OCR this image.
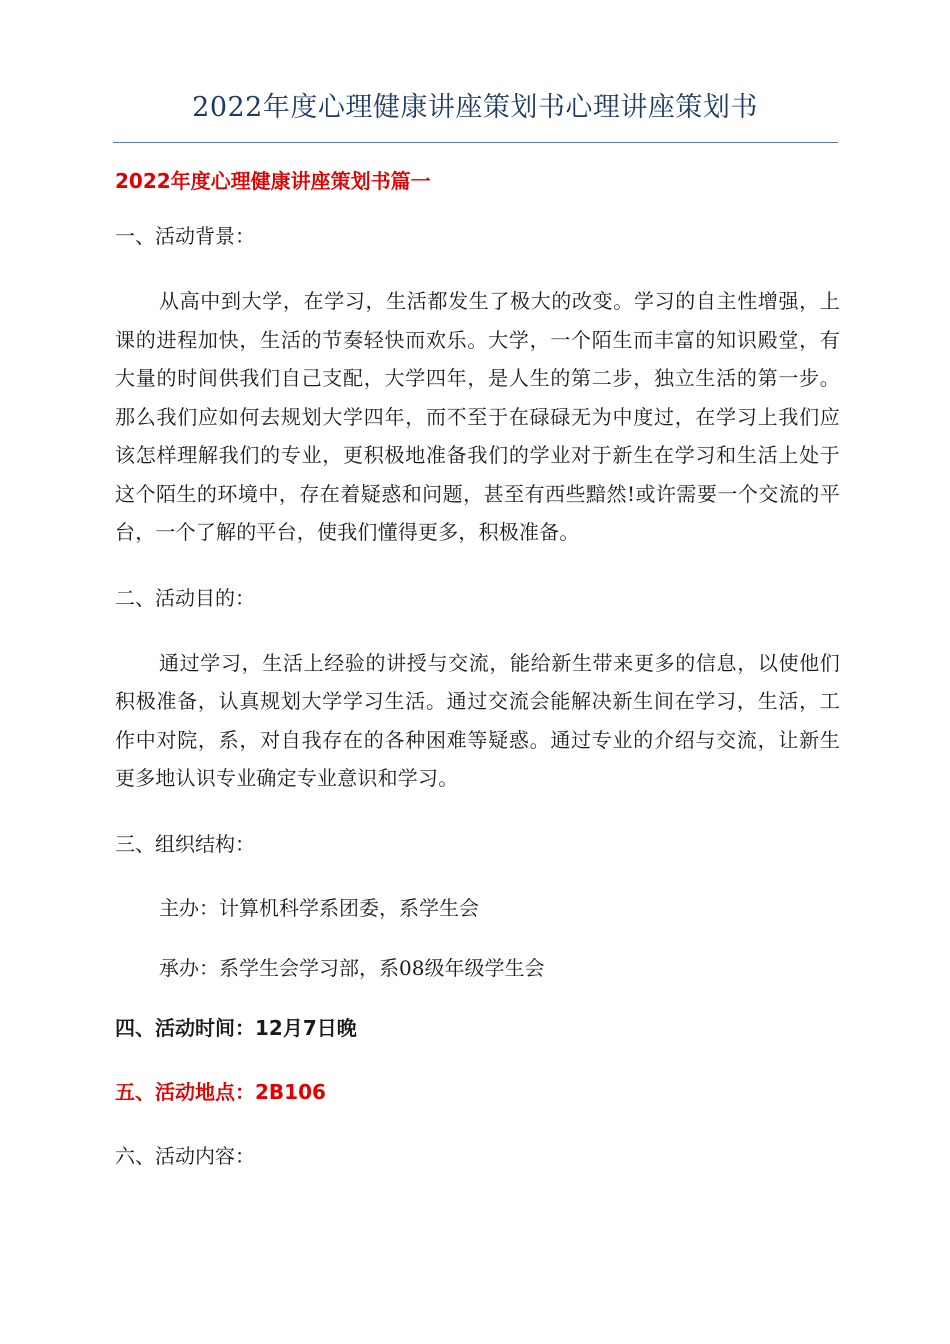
2022年度心理健康讲座策划书心理讲座策划书
2022年度心理健康讲座策划书篇一
一、活动背景：

从高中到大学，在学习，生活都发生了极大的改变。学习的自主性增强，上课的进程加快，生活的节奏轻快而欢乐。大学，一个陌生而丰富的知识殿堂，有大量的时间供我们自己支配，大学四年，是人生的第二步，独立生活的第一步。那么我们应如何去规划大学四年，而不至于在碌碌无为中度过，在学习上我们应该怎样理解我们的专业，更积极地准备我们的学业对于新生在学习和生活上处于这个陌生的环境中，存在着疑惑和问题，甚至有西些黯然!或许需要一个交流的平台，一个了解的平台，使我们懂得更多，积极准备。

二、活动目的：

通过学习，生活上经验的讲授与交流，能给新生带来更多的信息，以使他们积极准备，认真规划大学学习生活。通过交流会能解决新生间在学习，生活，工作中对院，系，对自我存在的各种困难等疑惑。通过专业的介绍与交流，让新生更多地认识专业确定专业意识和学习。

三、组织结构：
主办：计算机科学系团委，系学生会
承办：系学生会学习部，系08级年级学生会
四、活动时间：12月7日晚
五、活动地点：2B106
六、活动内容：
